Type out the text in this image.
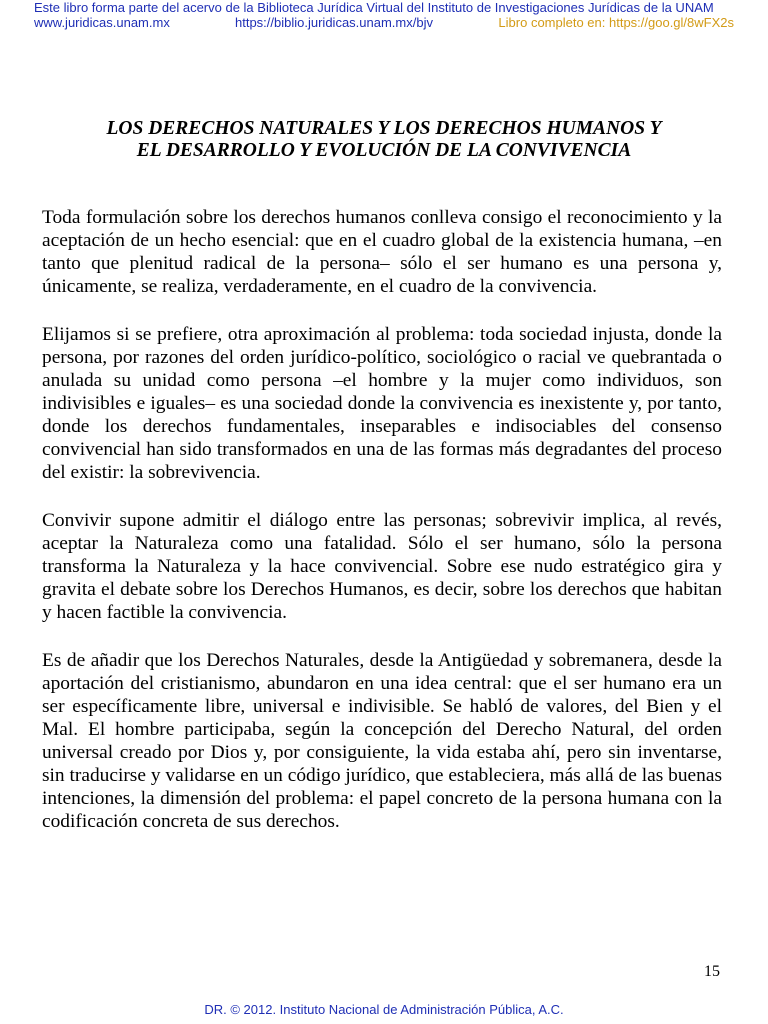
Este libro forma parte del acervo de la Biblioteca Jurídica Virtual del Instituto de Investigaciones Jurídicas de la UNAM
www.juridicas.unam.mx	https://biblio.juridicas.unam.mx/bjv	Libro completo en: https://goo.gl/8wFX2s
LOS DERECHOS NATURALES Y LOS DERECHOS HUMANOS Y
EL DESARROLLO Y EVOLUCIÓN DE LA CONVIVENCIA

Toda formulación sobre los derechos humanos conlleva consigo el reconocimiento y la aceptación de un hecho esencial: que en el cuadro global de la existencia humana, –en tanto que plenitud radical de la persona– sólo el ser humano es una persona y, únicamente, se realiza, verdaderamente, en el cuadro de la convivencia.

Elijamos si se prefiere, otra aproximación al problema: toda sociedad injusta, donde la persona, por razones del orden jurídico-político, sociológico o racial ve quebrantada o anulada su unidad como persona –el hombre y la mujer como individuos, son indivisibles e iguales– es una sociedad donde la convivencia es inexistente y, por tanto, donde los derechos fundamentales, inseparables e indisociables del consenso convivencial han sido transformados en una de las formas más degradantes del proceso del existir: la sobrevivencia.

Convivir supone admitir el diálogo entre las personas; sobrevivir implica, al revés, aceptar la Naturaleza como una fatalidad. Sólo el ser humano, sólo la persona transforma la Naturaleza y la hace convivencial. Sobre ese nudo estratégico gira y gravita el debate sobre los Derechos Humanos, es decir, sobre los derechos que habitan y hacen factible la convivencia.

Es de añadir que los Derechos Naturales, desde la Antigüedad y sobremanera, desde la aportación del cristianismo, abundaron en una idea central: que el ser humano era un ser específicamente libre, universal e indivisible. Se habló de valores, del Bien y el Mal. El hombre participaba, según la concepción del Derecho Natural, del orden universal creado por Dios y, por consiguiente, la vida estaba ahí, pero sin inventarse, sin traducirse y validarse en un código jurídico, que estableciera, más allá de las buenas intenciones, la dimensión del problema: el papel concreto de la persona humana con la codificación concreta de sus derechos.

15
DR. © 2012. Instituto Nacional de Administración Pública, A.C.
